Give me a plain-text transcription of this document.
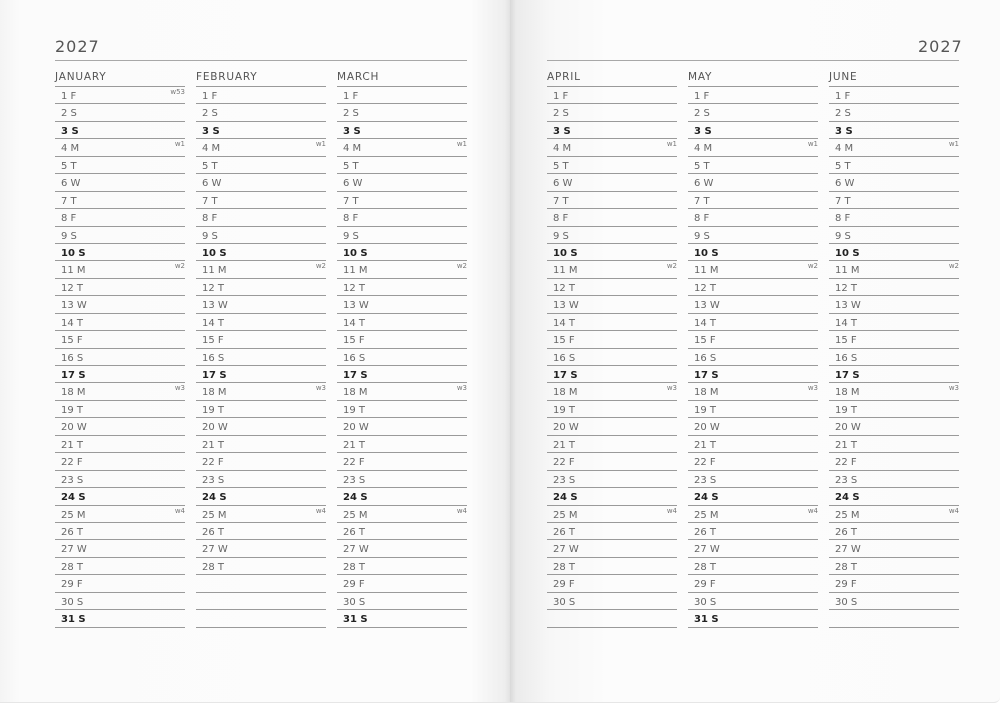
2027	2027
JANUARY
1 F	w53
2 S
3 S
4 M	w1
5 T
6 W
7 T
8 F
9 S
10 S
11 M	w2
12 T
13 W
14 T
15 F
16 S
17 S
18 M	w3
19 T
20 W
21 T
22 F
23 S
24 S
25 M	w4
26 T
27 W
28 T
29 F
30 S
31 S
FEBRUARY
1 F
2 S
3 S
4 M	w1
5 T
6 W
7 T
8 F
9 S
10 S
11 M	w2
12 T
13 W
14 T
15 F
16 S
17 S
18 M	w3
19 T
20 W
21 T
22 F
23 S
24 S
25 M	w4
26 T
27 W
28 T
MARCH
1 F
2 S
3 S
4 M	w1
5 T
6 W
7 T
8 F
9 S
10 S
11 M	w2
12 T
13 W
14 T
15 F
16 S
17 S
18 M	w3
19 T
20 W
21 T
22 F
23 S
24 S
25 M	w4
26 T
27 W
28 T
29 F
30 S
31 S
APRIL
1 F
2 S
3 S
4 M	w1
5 T
6 W
7 T
8 F
9 S
10 S
11 M	w2
12 T
13 W
14 T
15 F
16 S
17 S
18 M	w3
19 T
20 W
21 T
22 F
23 S
24 S
25 M	w4
26 T
27 W
28 T
29 F
30 S
MAY
1 F
2 S
3 S
4 M	w1
5 T
6 W
7 T
8 F
9 S
10 S
11 M	w2
12 T
13 W
14 T
15 F
16 S
17 S
18 M	w3
19 T
20 W
21 T
22 F
23 S
24 S
25 M	w4
26 T
27 W
28 T
29 F
30 S
31 S
JUNE
1 F
2 S
3 S
4 M	w1
5 T
6 W
7 T
8 F
9 S
10 S
11 M	w2
12 T
13 W
14 T
15 F
16 S
17 S
18 M	w3
19 T
20 W
21 T
22 F
23 S
24 S
25 M	w4
26 T
27 W
28 T
29 F
30 S
